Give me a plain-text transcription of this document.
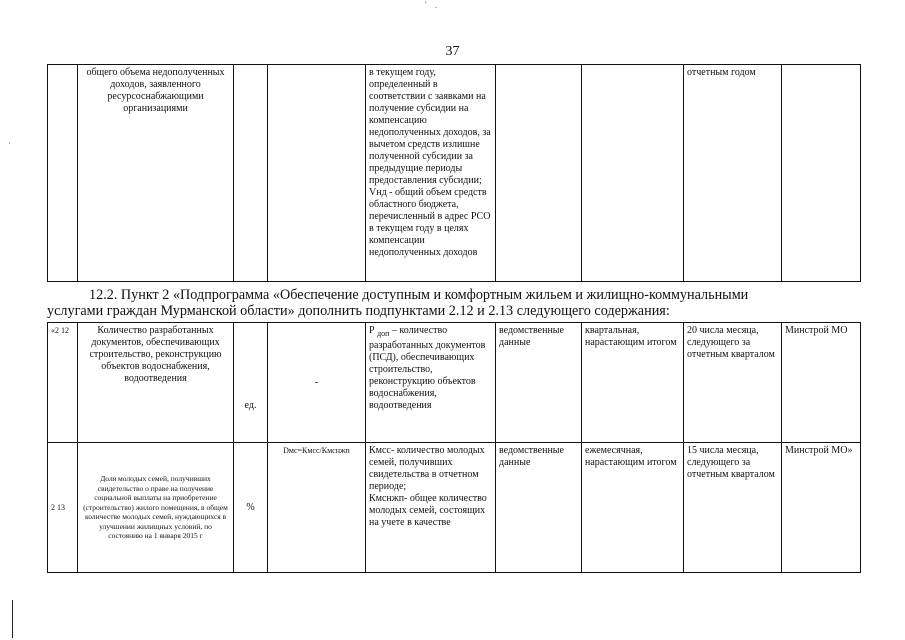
' .
37
·
	общего объема недополученных доходов, заявленного ресурсоснабжающими организациями			в текущем году, определенный в соответствии с заявками на получение субсидии на компенсацию недополученных доходов, за вычетом средств излишне полученной субсидии за предыдущие периоды предоставления субсидии;
Vнд - общий объем средств областного бюджета, перечисленный в адрес РСО в текущем году в целях компенсации недополученных доходов			отчетным годом	
12.2. Пункт 2 «Подпрограмма «Обеспечение доступным и комфортным жильем и жилищно-коммунальными
услугами граждан Мурманской области» дополнить подпунктами 2.12 и 2.13 следующего содержания:
«2 12	Количество разработанных документов, обеспечивающих строительство, реконструкцию объектов водоснабжения, водоотведения	ед.	-	Р $_{доп}$ – количество разработанных документов (ПСД), обеспечивающих строительство, реконструкцию объектов водоснабжения, водоотведения	ведомственные данные	квартальная, нарастающим итогом	20 числа месяца, следующего за отчетным кварталом	Минстрой МО
2 13	Доля молодых семей, получивших свидетельство о праве на получение социальной выплаты на приобретение (строительство) жилого помещения, в общем количестве молодых семей, нуждающихся в улучшении жилищных условий, по состоянию на 1 января 2015 г	%	Dмс=Кмсс/Кмснжп	Кмсс- количество молодых семей, получивших свидетельства в отчетном периоде;
Кмснжп- общее количество молодых семей, состоящих на учете в качестве	ведомственные данные	ежемесячная, нарастающим итогом	15 числа месяца, следующего за отчетным кварталом	Минстрой МО»
